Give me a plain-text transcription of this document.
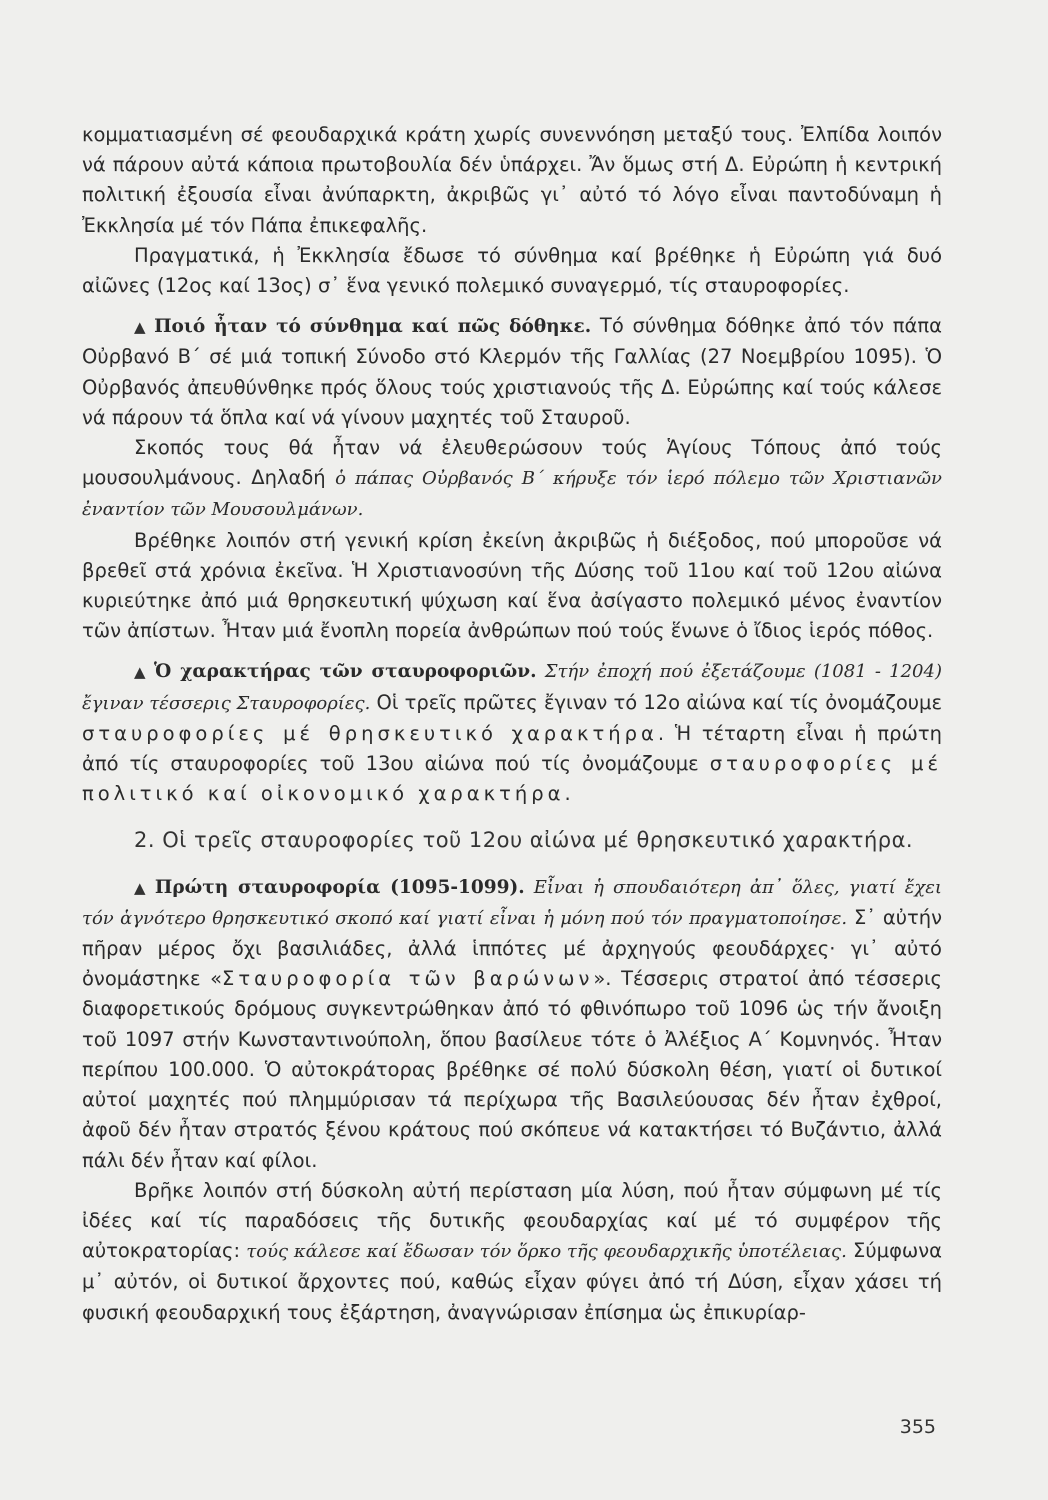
κομματιασμένη σέ φεουδαρχικά κράτη χωρίς συνεννόηση μεταξύ τους. Ἐλπίδα λοιπόν νά πάρουν αὐτά κάποια πρωτοβουλία δέν ὑπάρχει. Ἄν ὅμως στή Δ. Εὐρώπη ἡ κεντρική πολιτική ἐξουσία εἶναι ἀνύπαρκτη, ἀκριβῶς γι᾿ αὐτό τό λόγο εἶναι παντοδύναμη ἡ Ἐκκλησία μέ τόν Πάπα ἐπικεφαλῆς.

Πραγματικά, ἡ Ἐκκλησία ἔδωσε τό σύνθημα καί βρέθηκε ἡ Εὐρώπη γιά δυό αἰῶνες (12ος καί 13ος) σ᾿ ἕνα γενικό πολεμικό συναγερμό, τίς σταυροφορίες.

▲ Ποιό ἦταν τό σύνθημα καί πῶς δόθηκε. Τό σύνθημα δόθηκε ἀπό τόν πάπα Οὐρβανό Β΄ σέ μιά τοπική Σύνοδο στό Κλερμόν τῆς Γαλλίας (27 Νοεμβρίου 1095). Ὁ Οὐρβανός ἀπευθύνθηκε πρός ὅλους τούς χριστιανούς τῆς Δ. Εὐρώπης καί τούς κάλεσε νά πάρουν τά ὅπλα καί νά γίνουν μαχητές τοῦ Σταυροῦ.

Σκοπός τους θά ἦταν νά ἐλευθερώσουν τούς Ἁγίους Τόπους ἀπό τούς μουσουλμάνους. Δηλαδή ὁ πάπας Οὐρβανός Β΄ κήρυξε τόν ἱερό πόλεμο τῶν Χριστιανῶν ἐναντίον τῶν Μουσουλμάνων.

Βρέθηκε λοιπόν στή γενική κρίση ἐκείνη ἀκριβῶς ἡ διέξοδος, πού μποροῦσε νά βρεθεῖ στά χρόνια ἐκεῖνα. Ἡ Χριστιανοσύνη τῆς Δύσης τοῦ 11ου καί τοῦ 12ου αἰώνα κυριεύτηκε ἀπό μιά θρησκευτική ψύχωση καί ἕνα ἀσίγαστο πολεμικό μένος ἐναντίον τῶν ἀπίστων. Ἦταν μιά ἔνοπλη πορεία ἀνθρώπων πού τούς ἕνωνε ὁ ἴδιος ἱερός πόθος.

▲ Ὁ χαρακτήρας τῶν σταυροφοριῶν. Στήν ἐποχή πού ἐξετάζουμε (1081 - 1204) ἔγιναν τέσσερις Σταυροφορίες. Οἱ τρεῖς πρῶτες ἔγιναν τό 12ο αἰώνα καί τίς ὀνομάζουμε σταυροφορίες μέ θρησκευτικό χαρακτήρα. Ἡ τέταρτη εἶναι ἡ πρώτη ἀπό τίς σταυροφορίες τοῦ 13ου αἰώνα πού τίς ὀνομάζουμε σταυροφορίες μέ πολιτικό καί οἰκονομικό χαρακτήρα.

2. Οἱ τρεῖς σταυροφορίες τοῦ 12ου αἰώνα μέ θρησκευτικό χαρακτήρα.

▲ Πρώτη σταυροφορία (1095-1099). Εἶναι ἡ σπουδαιότερη ἀπ᾿ ὅλες, γιατί ἔχει τόν ἁγνότερο θρησκευτικό σκοπό καί γιατί εἶναι ἡ μόνη πού τόν πραγματοποίησε. Σ᾿ αὐτήν πῆραν μέρος ὄχι βασιλιάδες, ἀλλά ἱππότες μέ ἀρχηγούς φεουδάρχες· γι᾿ αὐτό ὀνομάστηκε «Σταυροφορία τῶν βαρώνων». Τέσσερις στρατοί ἀπό τέσσερις διαφορετικούς δρόμους συγκεντρώθηκαν ἀπό τό φθινόπωρο τοῦ 1096 ὡς τήν ἄνοιξη τοῦ 1097 στήν Κωνσταντινούπολη, ὅπου βασίλευε τότε ὁ Ἀλέξιος Α΄ Κομνηνός. Ἦταν περίπου 100.000. Ὁ αὐτοκράτορας βρέθηκε σέ πολύ δύσκολη θέση, γιατί οἱ δυτικοί αὐτοί μαχητές πού πλημμύρισαν τά περίχωρα τῆς Βασιλεύουσας δέν ἦταν ἐχθροί, ἀφοῦ δέν ἦταν στρατός ξένου κράτους πού σκόπευε νά κατακτήσει τό Βυζάντιο, ἀλλά πάλι δέν ἦταν καί φίλοι.

Βρῆκε λοιπόν στή δύσκολη αὐτή περίσταση μία λύση, πού ἦταν σύμφωνη μέ τίς ἰδέες καί τίς παραδόσεις τῆς δυτικῆς φεουδαρχίας καί μέ τό συμφέρον τῆς αὐτοκρατορίας: τούς κάλεσε καί ἔδωσαν τόν ὅρκο τῆς φεουδαρχικῆς ὑποτέλειας. Σύμφωνα μ᾿ αὐτόν, οἱ δυτικοί ἄρχοντες πού, καθώς εἶχαν φύγει ἀπό τή Δύση, εἶχαν χάσει τή φυσική φεουδαρχική τους ἐξάρτηση, ἀναγνώρισαν ἐπίσημα ὡς ἐπικυρίαρ-

355
